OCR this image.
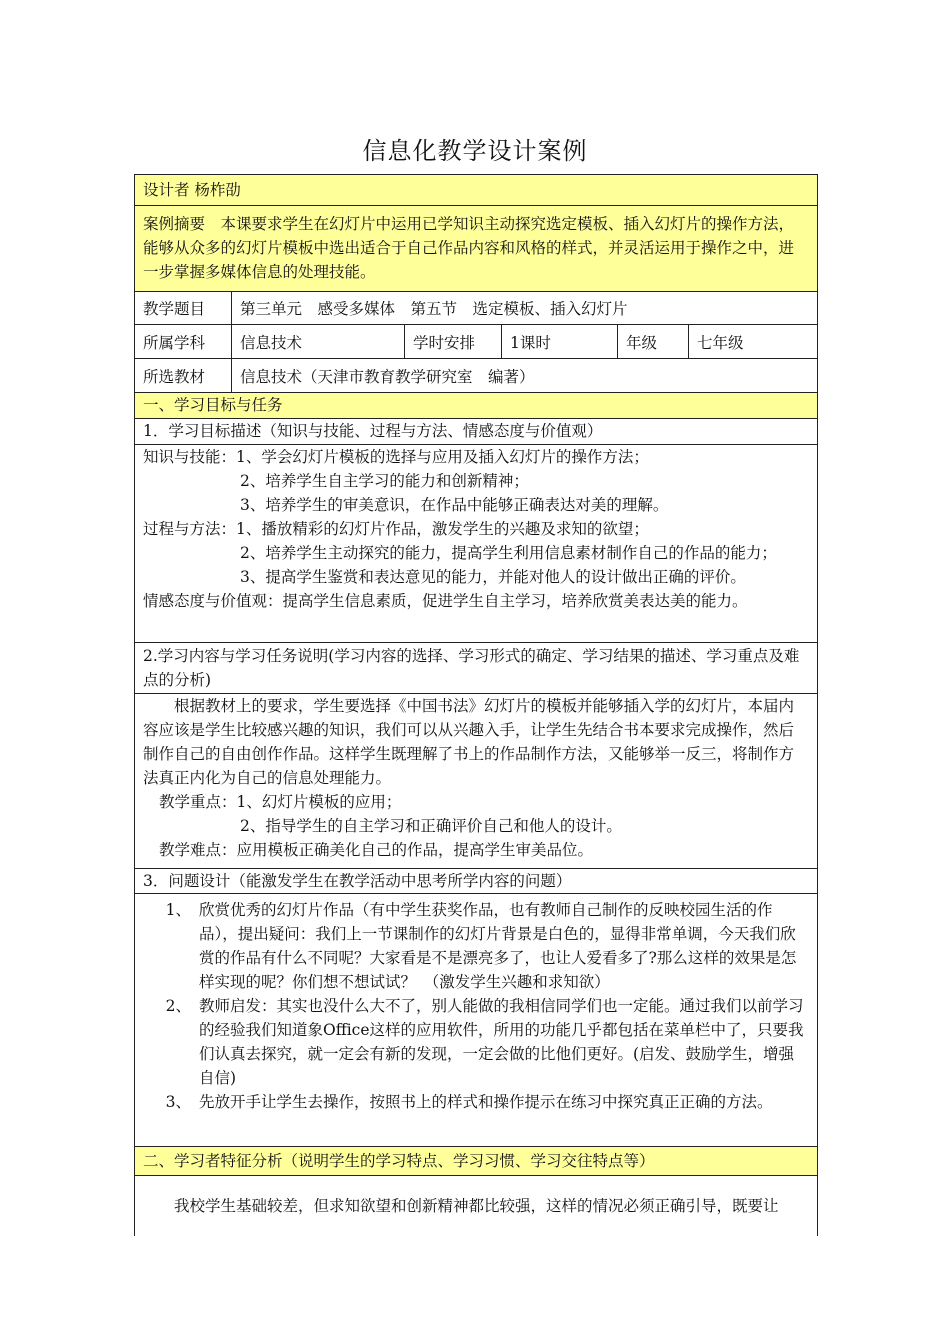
信息化教学设计案例
设计者 杨柞劭

案例摘要　本课要求学生在幻灯片中运用已学知识主动探究选定模板、插入幻灯片的操作方法，能够从众多的幻灯片模板中选出适合于自己作品内容和风格的样式，并灵活运用于操作之中，进一步掌握多媒体信息的处理技能。

教学题目	第三单元　感受多媒体　第五节　选定模板、插入幻灯片
所属学科	信息技术	学时安排	1课时	年级	七年级
所选教材	信息技术（天津市教育教学研究室　编著）
一、学习目标与任务
1．学习目标描述（知识与技能、过程与方法、情感态度与价值观）

知识与技能：1、学会幻灯片模板的选择与应用及插入幻灯片的操作方法；

2、培养学生自主学习的能力和创新精神；

3、培养学生的审美意识，在作品中能够正确表达对美的理解。

过程与方法：1、播放精彩的幻灯片作品，激发学生的兴趣及求知的欲望；

2、培养学生主动探究的能力，提高学生利用信息素材制作自己的作品的能力；

3、提高学生鉴赏和表达意见的能力，并能对他人的设计做出正确的评价。

情感态度与价值观：提高学生信息素质，促进学生自主学习，培养欣赏美表达美的能力。

2.学习内容与学习任务说明(学习内容的选择、学习形式的确定、学习结果的描述、学习重点及难点的分析)

根据教材上的要求，学生要选择《中国书法》幻灯片的模板并能够插入学的幻灯片，本届内容应该是学生比较感兴趣的知识，我们可以从兴趣入手，让学生先结合书本要求完成操作，然后制作自己的自由创作作品。这样学生既理解了书上的作品制作方法，又能够举一反三，将制作方法真正内化为自己的信息处理能力。

教学重点：1、幻灯片模板的应用；

2、指导学生的自主学习和正确评价自己和他人的设计。

教学难点：应用模板正确美化自己的作品，提高学生审美品位。

3．问题设计（能激发学生在教学活动中思考所学内容的问题）
1、 欣赏优秀的幻灯片作品（有中学生获奖作品，也有教师自己制作的反映校园生活的作品），提出疑问：我们上一节课制作的幻灯片背景是白色的，显得非常单调，今天我们欣赏的作品有什么不同呢？大家看是不是漂亮多了，也让人爱看多了?那么这样的效果是怎样实现的呢？你们想不想试试？　（激发学生兴趣和求知欲）
2、 教师启发：其实也没什么大不了，别人能做的我相信同学们也一定能。通过我们以前学习的经验我们知道象Office这样的应用软件，所用的功能几乎都包括在菜单栏中了，只要我们认真去探究，就一定会有新的发现，一定会做的比他们更好。(启发、鼓励学生，增强自信)
3、 先放开手让学生去操作，按照书上的样式和操作提示在练习中探究真正正确的方法。
二、学习者特征分析（说明学生的学习特点、学习习惯、学习交往特点等）

我校学生基础较差，但求知欲望和创新精神都比较强，这样的情况必须正确引导，既要让
